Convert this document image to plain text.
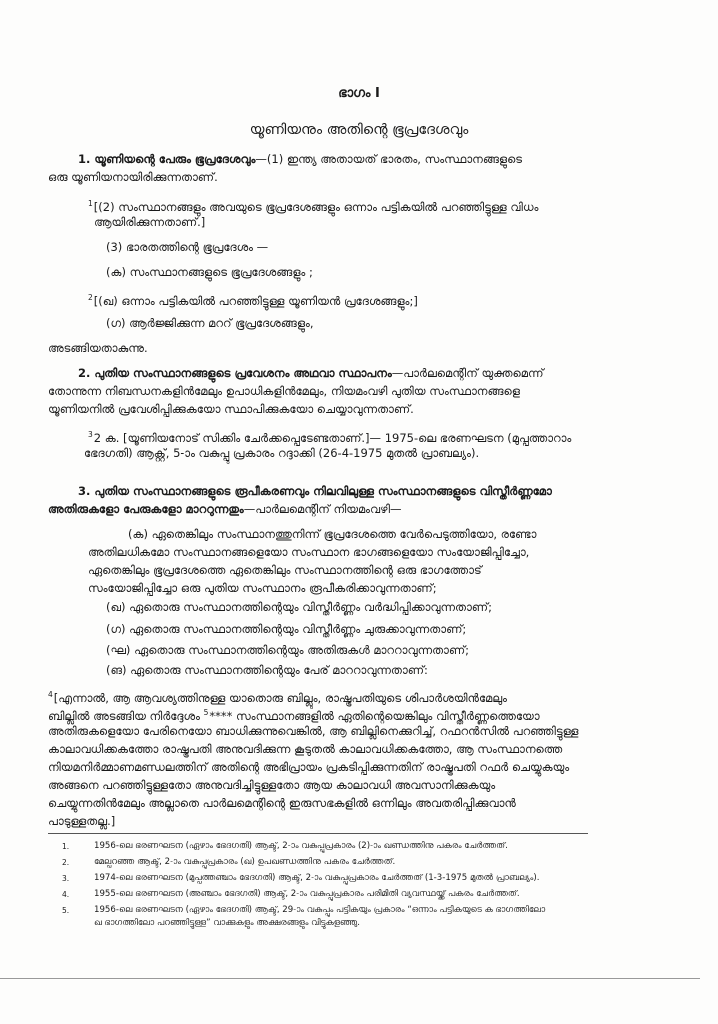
ഭാഗം I
യൂണിയനും അതിന്റെ ഭൂപ്രദേശവും
1. യൂണിയന്റെ പേരും ഭൂപ്രദേശവും—(1) ഇന്ത്യ അതായത് ഭാരതം, സംസ്ഥാനങ്ങളുടെ
ഒരു യൂണിയനായിരിക്കുന്നതാണ്.
$^1$[(2) സംസ്ഥാനങ്ങളും അവയുടെ ഭൂപ്രദേശങ്ങളും ഒന്നാം പട്ടികയിൽ പറഞ്ഞിട്ടുള്ള വിധം
ആയിരിക്കുന്നതാണ്.]
(3) ഭാരതത്തിന്റെ ഭൂപ്രദേശം —
(ക) സംസ്ഥാനങ്ങളുടെ ഭൂപ്രദേശങ്ങളും ;
$^2$[(ഖ) ഒന്നാം പട്ടികയിൽ പറഞ്ഞിട്ടുള്ള യൂണിയൻ പ്രദേശങ്ങളും;]
(ഗ) ആർജ്ജിക്കുന്ന മററ് ഭൂപ്രദേശങ്ങളും,
അടങ്ങിയതാകുന്നു.
2. പുതിയ സംസ്ഥാനങ്ങളുടെ പ്രവേശനം അഥവാ സ്ഥാപനം—പാർലമെന്റിന് യുക്തമെന്ന്
തോന്നുന്ന നിബന്ധനകളിൻമേലും ഉപാധികളിൻമേലും, നിയമംവഴി പുതിയ സംസ്ഥാനങ്ങളെ
യൂണിയനിൽ പ്രവേശിപ്പിക്കുകയോ സ്ഥാപിക്കുകയോ ചെയ്യാവുന്നതാണ്.
$^3$2 ക. [യൂണിയനോട് സിക്കിം ചേർക്കപ്പെടേണ്ടതാണ്.]— 1975-ലെ ഭരണഘടന (മുപ്പത്താറാം
ഭേദഗതി) ആക്റ്റ്, 5-ാം വകുപ്പു പ്രകാരം റദ്ദാക്കി (26-4-1975 മുതൽ പ്രാബല്യം).
3. പുതിയ സംസ്ഥാനങ്ങളുടെ രൂപീകരണവും നിലവിലുള്ള സംസ്ഥാനങ്ങളുടെ വിസ്തീർണ്ണമോ
അതിരുകളോ പേരുകളോ മാററുന്നതും—പാർലമെന്റിന് നിയമംവഴി—
(ക) ഏതെങ്കിലും സംസ്ഥാനത്തുനിന്ന് ഭൂപ്രദേശത്തെ വേർപെടുത്തിയോ, രണ്ടോ
അതിലധികമോ സംസ്ഥാനങ്ങളെയോ സംസ്ഥാന ഭാഗങ്ങളെയോ സംയോജിപ്പിച്ചോ,
ഏതെങ്കിലും ഭൂപ്രദേശത്തെ ഏതെങ്കിലും സംസ്ഥാനത്തിന്റെ ഒരു ഭാഗത്തോട്
സംയോജിപ്പിച്ചോ ഒരു പുതിയ സംസ്ഥാനം രൂപീകരിക്കാവുന്നതാണ്;
(ഖ) ഏതൊരു സംസ്ഥാനത്തിന്റെയും വിസ്തീർണ്ണം വർദ്ധിപ്പിക്കാവുന്നതാണ്;
(ഗ) ഏതൊരു സംസ്ഥാനത്തിന്റെയും വിസ്തീർണ്ണം ചുരുക്കാവുന്നതാണ്;
(ഘ) ഏതൊരു സംസ്ഥാനത്തിന്റെയും അതിരുകൾ മാററാവുന്നതാണ്;
(ങ) ഏതൊരു സംസ്ഥാനത്തിന്റെയും പേര് മാററാവുന്നതാണ്:
$^4$[എന്നാൽ, ആ ആവശ്യത്തിനുള്ള യാതൊരു ബില്ലും, രാഷ്ട്രപതിയുടെ ശിപാർശയിൻമേലും
ബില്ലിൽ അടങ്ങിയ നിർദ്ദേശം $^5$**** സംസ്ഥാനങ്ങളിൽ ഏതിന്റെയെങ്കിലും വിസ്തീർണ്ണത്തെയോ
അതിരുകളെയോ പേരിനെയോ ബാധിക്കുന്നുവെങ്കിൽ, ആ ബില്ലിനെക്കുറിച്ച്, റഫറൻസിൽ പറഞ്ഞിട്ടുള്ള
കാലാവധിക്കകത്തോ രാഷ്ട്രപതി അനുവദിക്കുന്ന കൂടുതൽ കാലാവധിക്കകത്തോ, ആ സംസ്ഥാനത്തെ
നിയമനിർമ്മാണമണ്ഡലത്തിന് അതിന്റെ അഭിപ്രായം പ്രകടിപ്പിക്കുന്നതിന് രാഷ്ട്രപതി റഫർ ചെയ്യുകയും
അങ്ങനെ പറഞ്ഞിട്ടുള്ളതോ അനുവദിച്ചിട്ടുള്ളതോ ആയ കാലാവധി അവസാനിക്കുകയും
ചെയ്യുന്നതിൻമേലും അല്ലാതെ പാർലമെന്റിന്റെ ഇരുസഭകളിൽ ഒന്നിലും അവതരിപ്പിക്കുവാൻ
പാടുള്ളതല്ല.]
1.	1956-ലെ ഭരണഘടന (ഏഴാം ഭേദഗതി) ആക്ട്, 2-ാം വകുപ്പുപ്രകാരം (2)-ാം ഖണ്ഡത്തിനു പകരം ചേർത്തത്.
2.	മേല്പറഞ്ഞ ആക്ട്, 2-ാം വകുപ്പുപ്രകാരം (ഖ) ഉപഖണ്ഡത്തിനു പകരം ചേർത്തത്.
3.	1974-ലെ ഭരണഘടന (മുപ്പത്തഞ്ചാം ഭേദഗതി) ആക്ട്, 2-ാം വകുപ്പുപ്രകാരം ചേർത്തത് (1-3-1975 മുതൽ പ്രാബല്യം).
4.	1955-ലെ ഭരണഘടന (അഞ്ചാം ഭേദഗതി) ആക്ട്, 2-ാം വകുപ്പുപ്രകാരം പരിമിതി വ്യവസ്ഥയ്ക്ക് പകരം ചേർത്തത്.
5.	1956-ലെ ഭരണഘടന (ഏഴാം ഭേദഗതി) ആക്ട്, 29-ാം വകുപ്പും പട്ടികയും പ്രകാരം “ഒന്നാം പട്ടികയുടെ ക ഭാഗത്തിലോ
ഖ ഭാഗത്തിലോ പറഞ്ഞിട്ടുള്ള” വാക്കുകളും അക്ഷരങ്ങളും വിട്ടുകളഞ്ഞു.
